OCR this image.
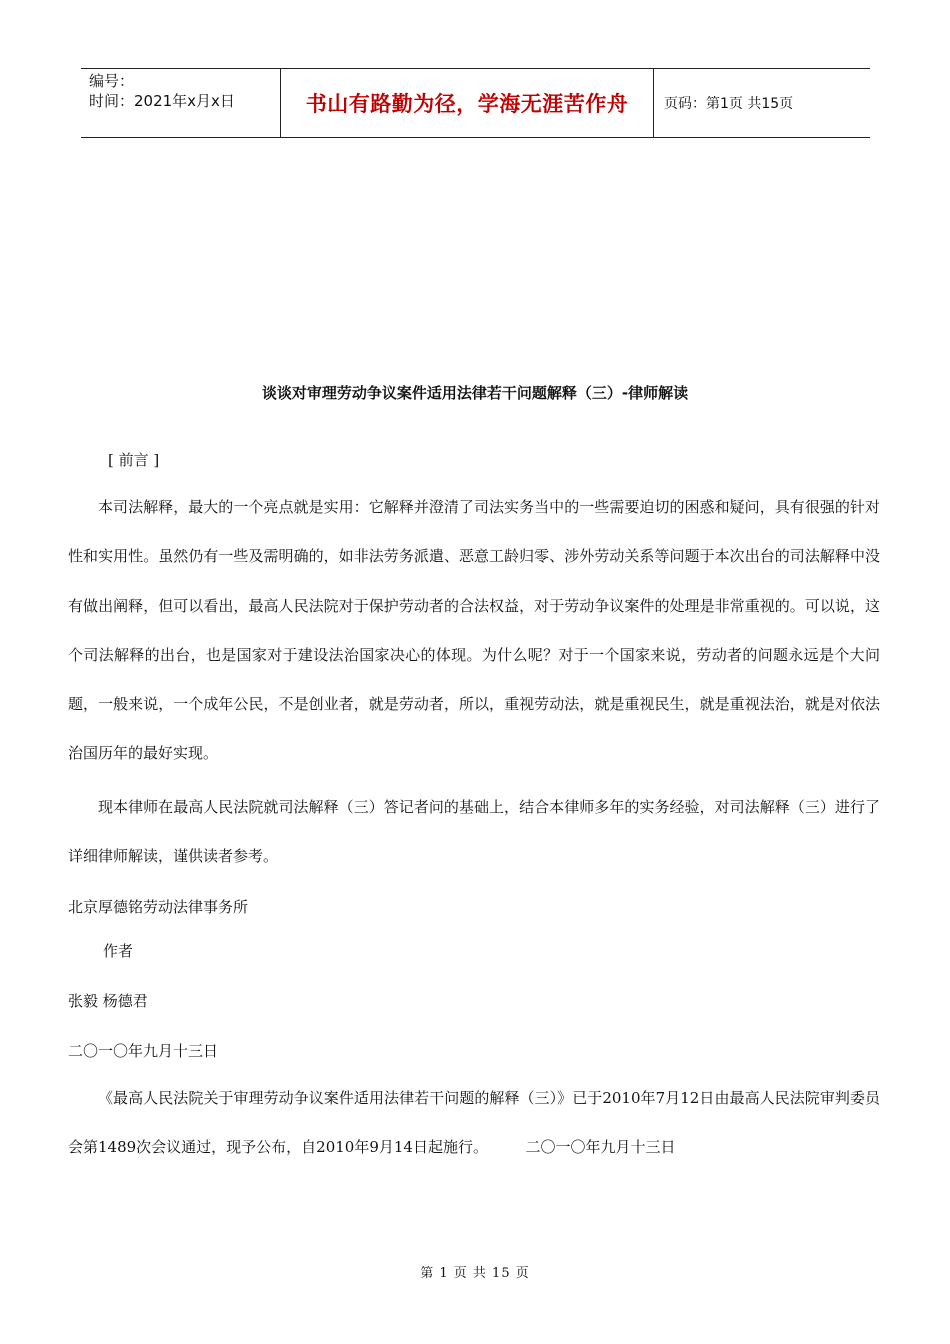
编号：
时间：2021年x月x日	书山有路勤为径，学海无涯苦作舟	页码：第1页 共15页
谈谈对审理劳动争议案件适用法律若干问题解释（三）-律师解读
[ 前言 ]
本司法解释，最大的一个亮点就是实用：它解释并澄清了司法实务当中的一些需要迫切的困惑和疑问，具有很强的针对性和实用性。虽然仍有一些及需明确的，如非法劳务派遣、恶意工龄归零、涉外劳动关系等问题于本次出台的司法解释中没有做出阐释，但可以看出，最高人民法院对于保护劳动者的合法权益，对于劳动争议案件的处理是非常重视的。可以说，这个司法解释的出台，也是国家对于建设法治国家决心的体现。为什么呢？对于一个国家来说，劳动者的问题永远是个大问题，一般来说，一个成年公民，不是创业者，就是劳动者，所以，重视劳动法，就是重视民生，就是重视法治，就是对依法治国历年的最好实现。
现本律师在最高人民法院就司法解释（三）答记者问的基础上，结合本律师多年的实务经验，对司法解释（三）进行了详细律师解读，谨供读者参考。
北京厚德铭劳动法律事务所
作者
张毅 杨德君
二〇一〇年九月十三日
《最高人民法院关于审理劳动争议案件适用法律若干问题的解释（三）》已于2010年7月12日由最高人民法院审判委员会第1489次会议通过，现予公布，自2010年9月14日起施行。　　　二〇一〇年九月十三日
第 1 页 共 15 页
